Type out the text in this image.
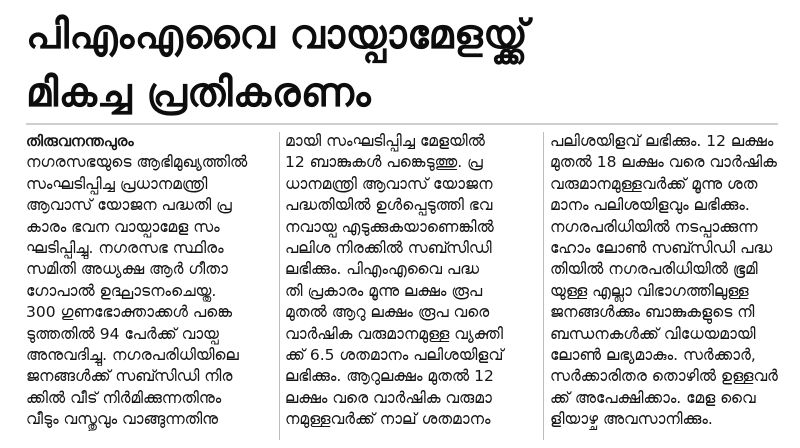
പിഎംഎവൈ വായ്പാമേളയ്ക്ക്
മികച്ച പ്രതികരണം
തിരുവനന്തപുരം
നഗരസഭയുടെ ആഭിമുഖ്യത്തിൽ
സംഘടിപ്പിച്ച പ്രധാനമന്ത്രി
ആവാസ് യോജന പദ്ധതി പ്ര
കാരം ഭവന വായ്പാമേള സം
ഘടിപ്പിച്ചു. നഗരസഭ സ്ഥിരം
സമിതി അധ്യക്ഷ ആർ ഗീതാ
ഗോപാൽ ഉദ്ഘാടനംചെയ്തു.
300 ഗുണഭോക്താക്കൾ പങ്കെ
ടുത്തതിൽ 94 പേർക്ക് വായ്പ
അനുവദിച്ചു. നഗരപരിധിയിലെ
ജനങ്ങൾക്ക് സബ്സിഡി നിര
ക്കിൽ വീട് നിർമിക്കുന്നതിനും
വീടും വസ്തുവും വാങ്ങുന്നതിനു
മായി സംഘടിപ്പിച്ച മേളയിൽ
12 ബാങ്കുകൾ പങ്കെടുത്തു. പ്ര
ധാനമന്ത്രി ആവാസ് യോജന
പദ്ധതിയിൽ ഉൾപ്പെടുത്തി ഭവ
നവായ്പ എടുക്കുകയാണെങ്കിൽ
പലിശ നിരക്കിൽ സബ്സിഡി
ലഭിക്കും. പിഎംഎവൈ പദ്ധ
തി പ്രകാരം മൂന്നു ലക്ഷം രൂപ
മുതൽ ആറു ലക്ഷം രൂപ വരെ
വാർഷിക വരുമാനമുള്ള വ്യക്തി
ക്ക് 6.5 ശതമാനം പലിശയിളവ്
ലഭിക്കും. ആറുലക്ഷം മുതൽ 12
ലക്ഷം വരെ വാർഷിക വരുമാ
നമുള്ളവർക്ക് നാല് ശതമാനം
പലിശയിളവ് ലഭിക്കും. 12 ലക്ഷം
മുതൽ 18 ലക്ഷം വരെ വാർഷിക
വരുമാനമുള്ളവർക്ക് മൂന്നു ശത
മാനം പലിശയിളവും ലഭിക്കും.
നഗരപരിധിയിൽ നടപ്പാക്കുന്ന
ഹോം ലോൺ സബ്സിഡി പദ്ധ
തിയിൽ നഗരപരിധിയിൽ ഭൂമി
യുള്ള എല്ലാ വിഭാഗത്തിലുള്ള
ജനങ്ങൾക്കും ബാങ്കുകളുടെ നി
ബന്ധനകൾക്ക് വിധേയമായി
ലോൺ ലഭ്യമാകും. സർക്കാർ,
സർക്കാരിതര തൊഴിൽ ഉള്ളവർ
ക്ക് അപേക്ഷിക്കാം. മേള വൈ
ളിയാഴ്ച അവസാനിക്കും.
